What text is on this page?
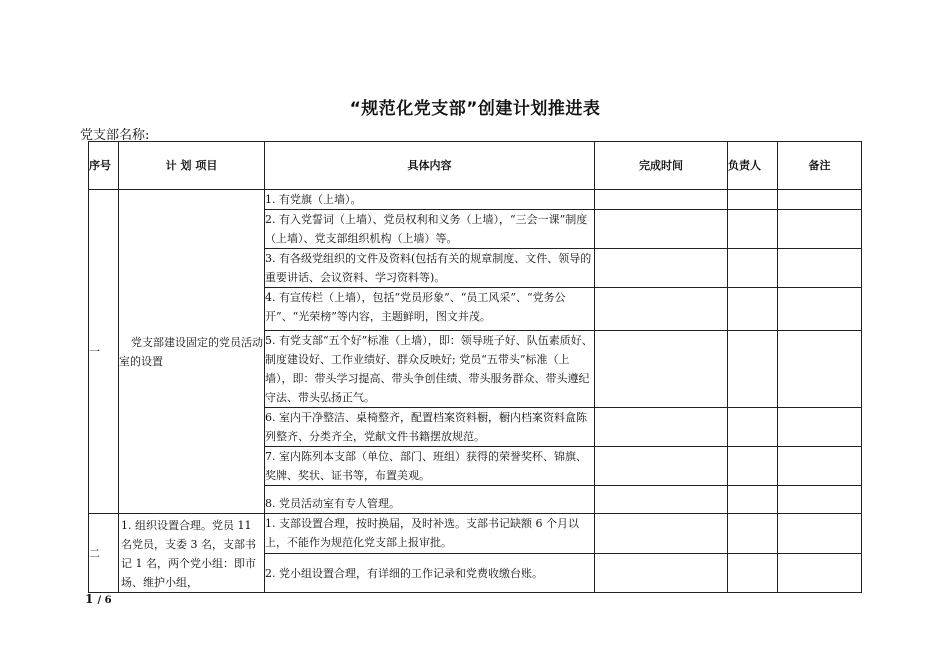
“规范化党支部”创建计划推进表
党支部名称:
序号	计 划 项目	具体内容	完成时间	负责人	备注
一	党支部建设固定的党员活动室的设置	1. 有党旗（上墙）。			
		2. 有入党誓词（上墙）、党员权利和义务（上墙），“三会一课”制度（上墙）、党支部组织机构（上墙）等。			
		3. 有各级党组织的文件及资料(包括有关的规章制度、文件、领导的重要讲话、会议资料、学习资料等)。			
		4. 有宣传栏（上墙），包括“党员形象”、“员工风采”、“党务公开”、“光荣榜”等内容，主题鲜明，图文并茂。			
		5. 有党支部“五个好”标准（上墙），即：领导班子好、队伍素质好、制度建设好、工作业绩好、群众反映好; 党员“五带头”标准（上墙），即：带头学习提高、带头争创佳绩、带头服务群众、带头遵纪守法、带头弘扬正气。			
		6. 室内干净整洁、桌椅整齐，配置档案资料橱，橱内档案资料盒陈列整齐、分类齐全，党献文件书籍摆放规范。			
		7. 室内陈列本支部（单位、部门、班组）获得的荣誉奖杯、锦旗、奖牌、奖状、证书等，布置美观。			
		8. 党员活动室有专人管理。			
二	1. 组织设置合理。党员 11 名党员，支委 3 名，支部书记 1 名，两个党小组：即市场、维护小组，	1. 支部设置合理，按时换届，及时补选。支部书记缺额 6 个月以上，不能作为规范化党支部上报审批。			
		2. 党小组设置合理，有详细的工作记录和党费收缴台账。			
1 / 6
